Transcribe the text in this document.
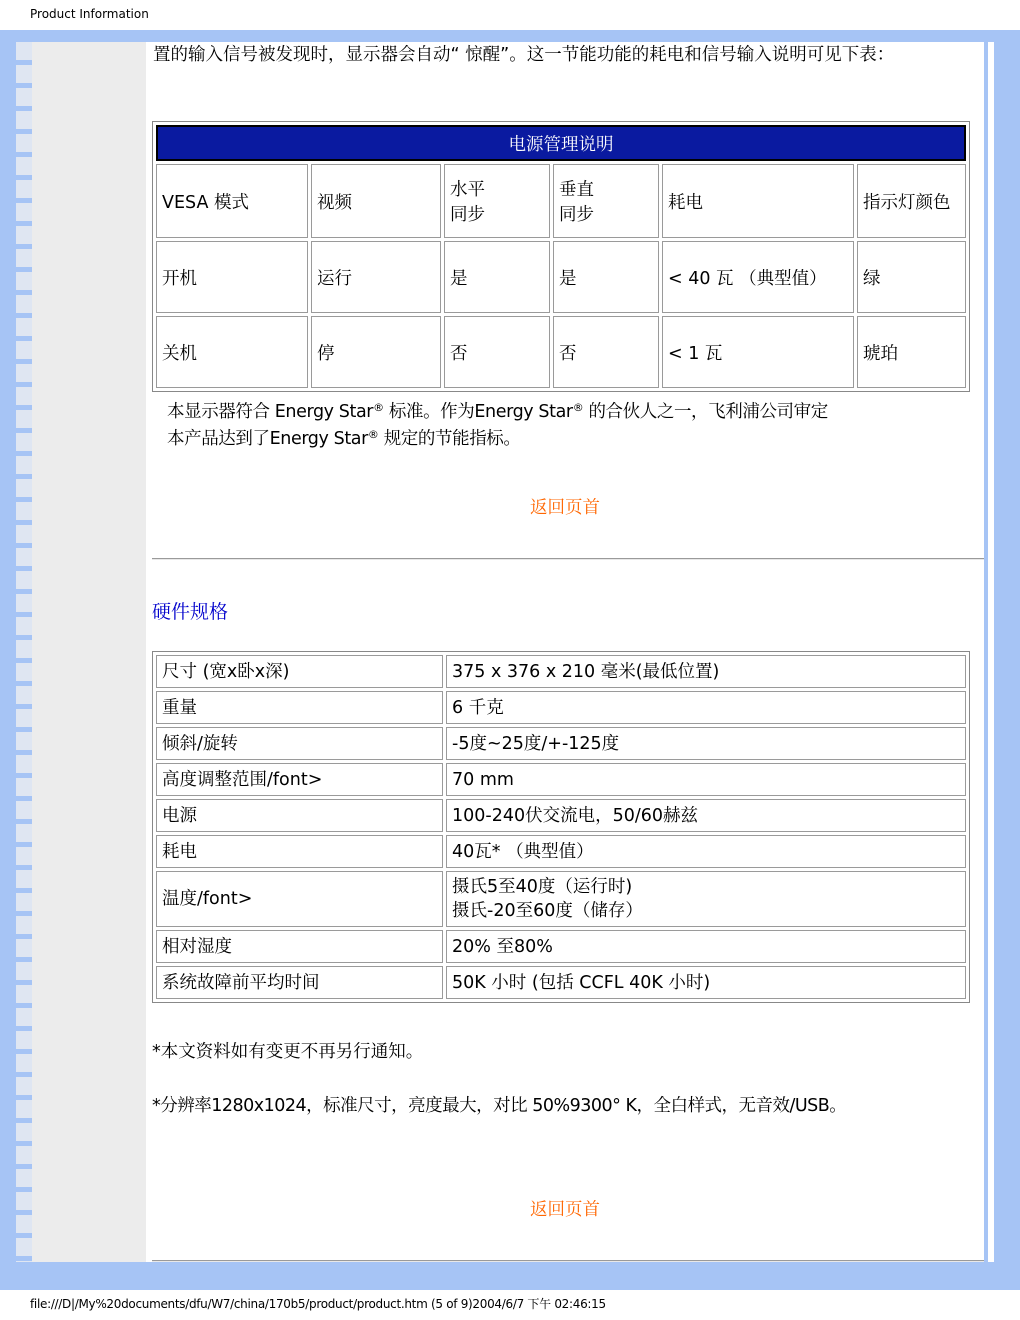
Product Information
置的输入信号被发现时，显示器会自动“ 惊醒”。这一节能功能的耗电和信号输入说明可见下表：
电源管理说明					
VESA 模式	视频	水平同步	垂直同步	耗电	指示灯颜色
开机	运行	是	是	< 40 瓦 （典型值）	绿
关机	停	否	否	< 1 瓦	琥珀
本显示器符合 Energy Star® 标准。作为Energy Star® 的合伙人之一，飞利浦公司审定
本产品达到了Energy Star® 规定的节能指标。
返回页首
硬件规格
尺寸 (宽x卧x深)	375 x 376 x 210 毫米(最低位置)
重量	6 千克
倾斜/旋转	-5度~25度/+-125度
高度调整范围/font>	70 mm
电源	100-240伏交流电，50/60赫兹
耗电	40瓦* （典型值）
温度/font>	摄氏5至40度（运行时)
摄氏-20至60度（储存）

相对湿度	20% 至80%
系统故障前平均时间	50K 小时 (包括 CCFL 40K 小时)
*本文资料如有变更不再另行通知。
*分辨率1280x1024，标准尺寸，亮度最大，对比 50%9300° K，全白样式，无音效/USB。
返回页首
file:///D|/My%20documents/dfu/W7/china/170b5/product/product.htm (5 of 9)2004/6/7 下午 02:46:15
